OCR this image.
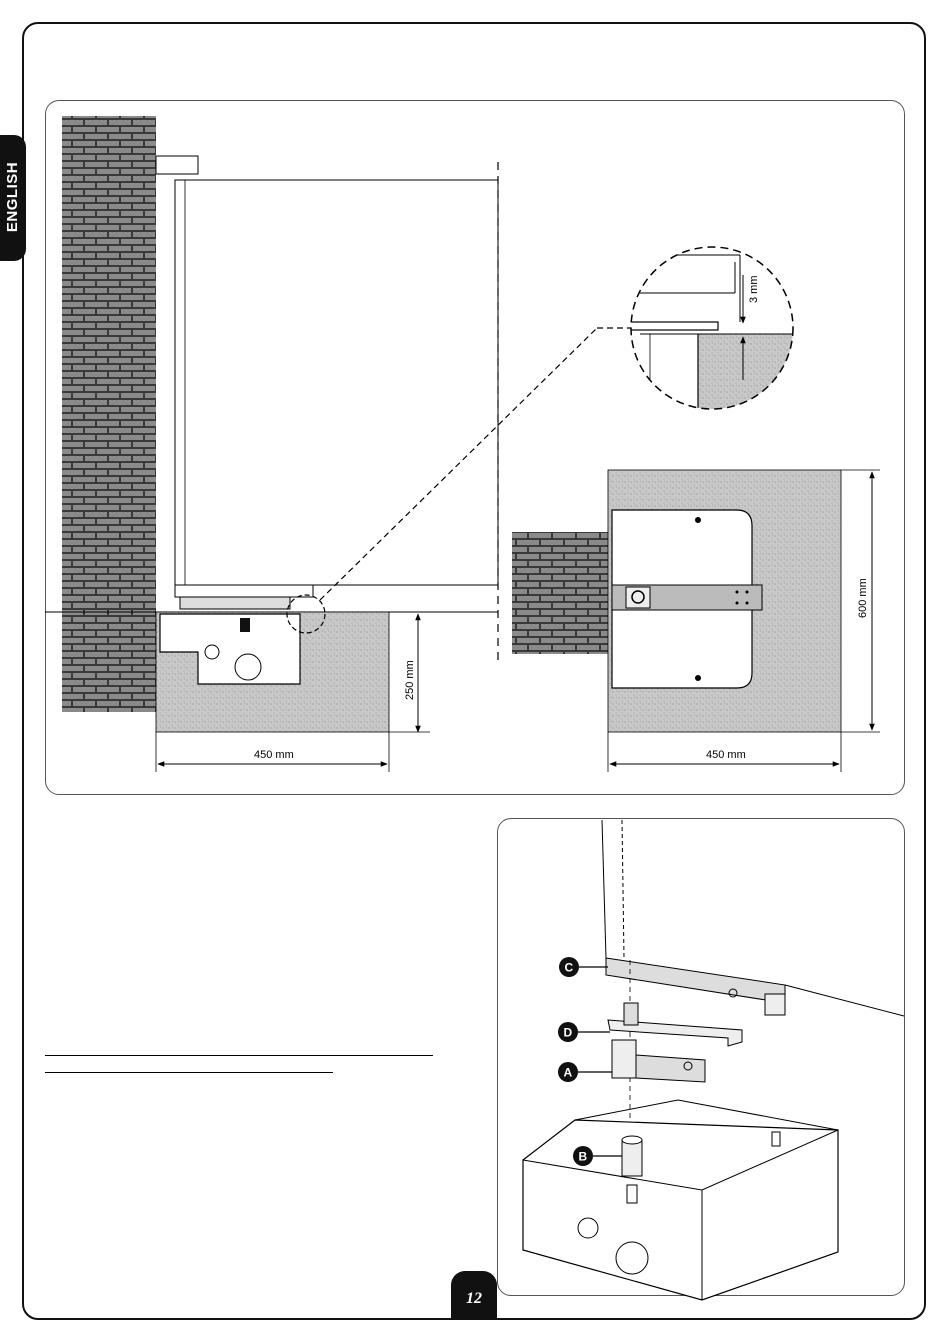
ENGLISH
3 mm
250 mm
450 mm
600 mm
450 mm
C
D
A
B
12
